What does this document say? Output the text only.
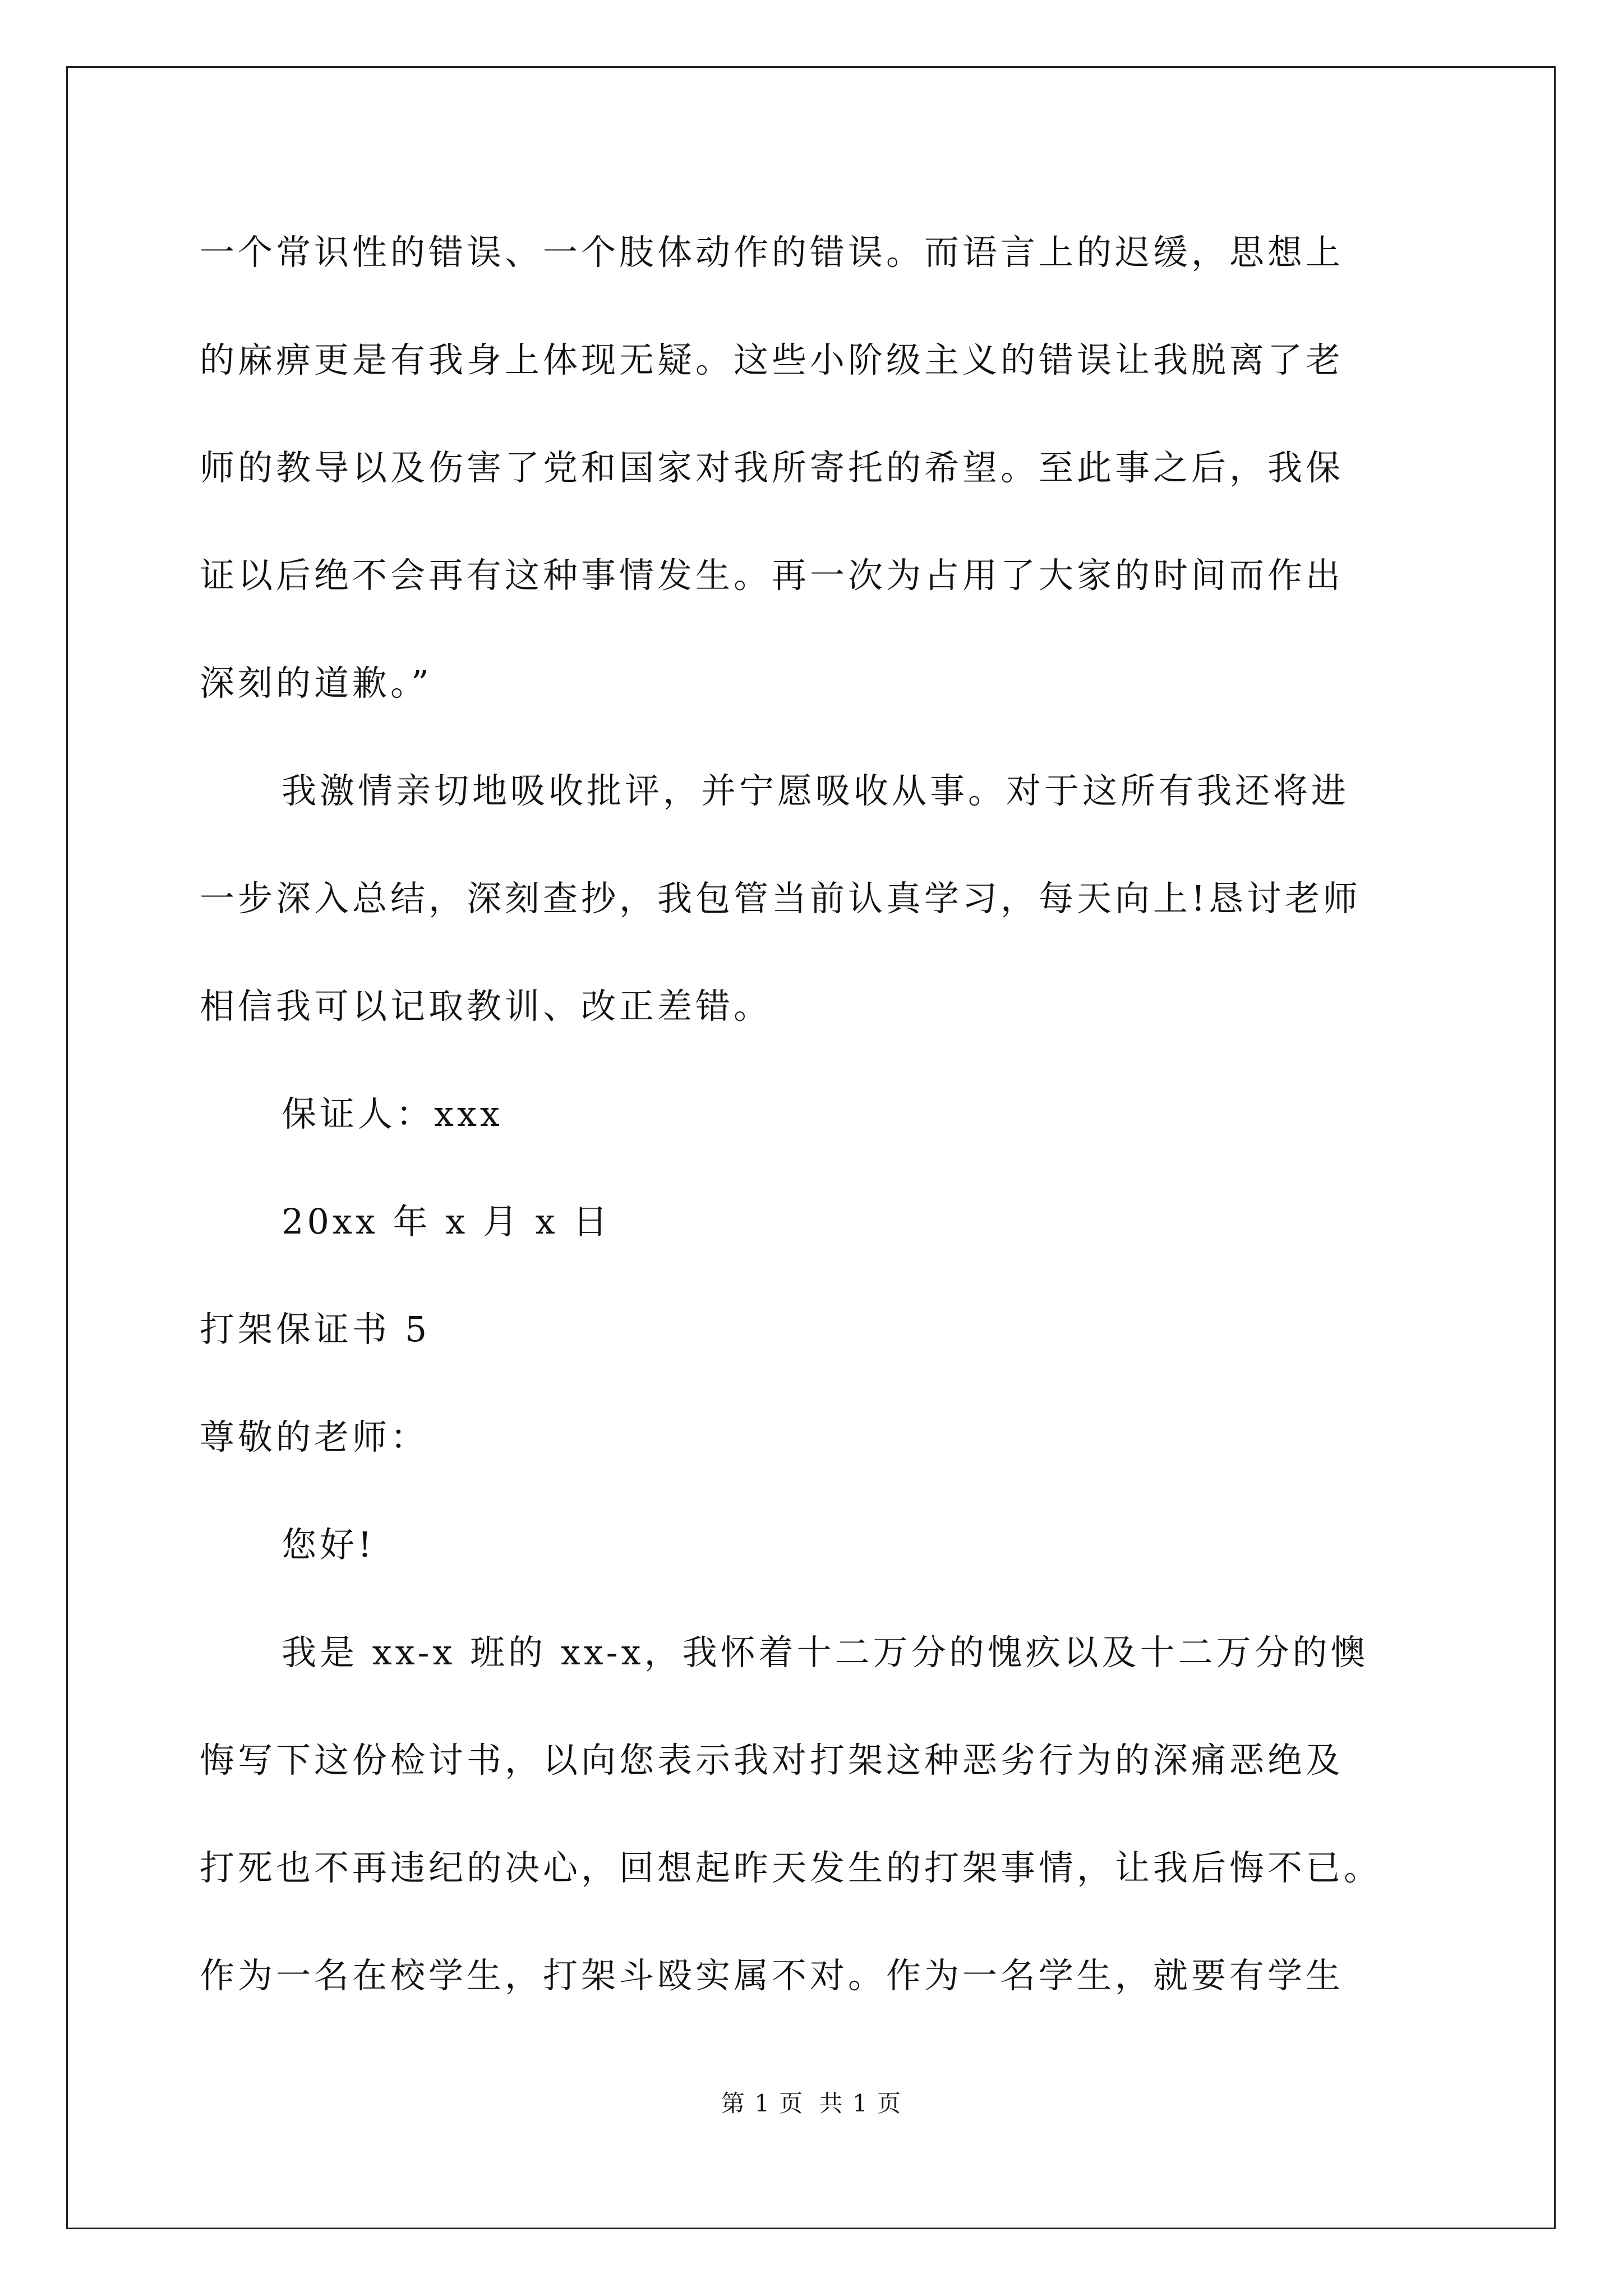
一个常识性的错误、一个肢体动作的错误。而语言上的迟缓，思想上
的麻痹更是有我身上体现无疑。这些小阶级主义的错误让我脱离了老
师的教导以及伤害了党和国家对我所寄托的希望。至此事之后，我保
证以后绝不会再有这种事情发生。再一次为占用了大家的时间而作出
深刻的道歉。”
我激情亲切地吸收批评，并宁愿吸收从事。对于这所有我还将进
一步深入总结，深刻查抄，我包管当前认真学习，每天向上!恳讨老师
相信我可以记取教训、改正差错。
保证人：xxx
20xx 年 x 月 x 日
打架保证书 5
尊敬的老师：
您好!
我是 xx-x 班的 xx-x，我怀着十二万分的愧疚以及十二万分的懊
悔写下这份检讨书，以向您表示我对打架这种恶劣行为的深痛恶绝及
打死也不再违纪的决心，回想起昨天发生的打架事情，让我后悔不已。
作为一名在校学生，打架斗殴实属不对。作为一名学生，就要有学生
第 1 页 共 1 页
